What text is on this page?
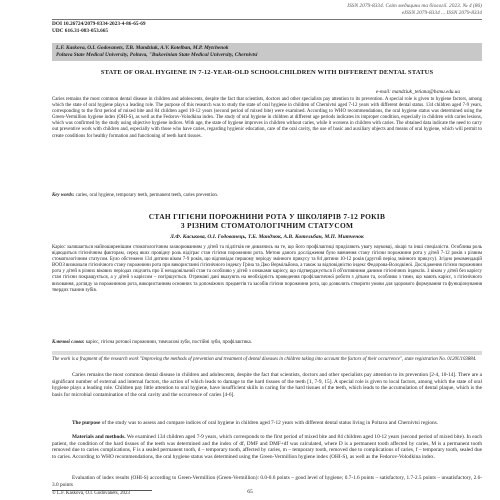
ISSN 2079-8334. Світ медицини та біології. 2023. № 4 (86)
eISSN 2079-8334 ... ISSN 2079-8334
DOI 10.26724/2079-8334-2023-4-86-65-69
UDC 616.31-083-053.665
L.F. Kaskova, O.I. Godovanets, T.B. Mandziuk, A.V. Kotelban, M.P. Mytchenok
Poltava State Medical University, Poltava, "Bukovinian State Medical University, Chernivtsi
STATE OF ORAL HYGIENE IN 7-12-YEAR-OLD SCHOOLCHILDREN WITH DIFFERENT DENTAL STATUS
e-mail: mandziuk_tetiana@bsmu.edu.ua
Caries remains the most common dental disease in children and adolescents, despite the fact that scientists, doctors and other specialists pay attention to its prevention. A special role is given to hygiene factors, among which the state of oral hygiene plays a leading role. The purpose of this research was to study the state of oral hygiene in children of Chernivtsi aged 7-12 years with different dental status. 134 children aged 7-9 years, corresponding to the first period of mixed bite and 84 children aged 10-12 years (second period of mixed bite) were examined. According to WHO recommendations, the oral hygiene status was determined using the Green-Vermillion hygiene index (OHI-S), as well as the Fedorov-Volodkina index. The study of oral hygiene in children at different age periods indicates its improper condition, especially in children with caries lesions, which was confirmed by the study using objective hygiene indices. With age, the state of hygiene improves in children without caries, while it worsens in children with caries. The obtained data indicate the need to carry out preventive work with children and, especially with those who have caries, regarding hygienic education, care of the oral cavity, the use of basic and auxiliary objects and means of oral hygiene, which will permit to create conditions for healthy formation and functioning of teeth hard tissues.
Key words: caries, oral hygiene, temporary teeth, permanent teeth, caries prevention.
СТАН ГІГІЄНИ ПОРОЖНИНИ РОТА У ШКОЛЯРІВ 7-12 РОКІВ
З РІЗНИМ СТОМАТОЛОГІЧНИМ СТАТУСОМ
Л.Ф. Каськова, О.І. Годованець, Т.Б. Мандзюк, А.В. Котельбан, М.П. Митченок
Карієс залишається найпоширенішим стоматологічним захворюванням у дітей та підлітків не дивлячись на те, що його профілактиці приділяють увагу науковці, лікарі та інші спеціалісти. Особлива роль відводиться гігієнічним факторам, серед яких провідну роль відіграє стан гігієни порожнини рота. Метою даного дослідження було вивчення стану гігієни порожнини рота у дітей 7-12 років з різним стоматологічним статусом. Було обстежено 134 дитини віком 7-9 років, що відповідає першому періоду змінного прикусу та 84 дитини 10-12 років (другий період змінного прикусу). Згідно рекомендацій ВООЗ визначали гігієнічного стану порожнини рота при використанні гігієнічного індексу Гріна та Джо Вермільйона, а також за відповідністю індекс Федорова-Володкіної. Дослідження гігієни порожнини рота у дітей в різних вікових періодах свідчить про її незадовільний стан та особливо у дітей з ознаками карієсу, що підтверджується й об'єктивними даними гігієнічних індексів. З віком у дітей без карієсу стан гігієни покращується, а у дітей з карієсом – погіршується. Отримані дані вказують на необхідність проведення профілактичної роботи з дітьми та, особливо з тими, що мають карієс, з гігієнічного виховання, догляду за порожниною рота, використанням основних та допоміжних предметів та засобів гігієни порожнини рота, що дозволить створити умови для здорового формування та функціонування твердих тканин зубів.
Ключові слова: карієс, гігієна ротової порожнини, тимчасові зуби, постійні зуби, профілактика.
The work is a fragment of the research work "Improving the methods of prevention and treatment of dental diseases in children taking into account the factors of their occurrence", state registration No. 0120U103884.
Caries remains the most common dental disease in children and adolescents, despite the fact that scientists, doctors and other specialists pay attention to its prevention [2-4, 10-14]. There are a significant number of external and internal factors, the action of which leads to damage to the hard tissues of the teeth [1, 7-9, 15]. A special role is given to local factors, among which the state of oral hygiene plays a leading role. Children pay little attention to oral hygiene, have insufficient skills in caring for the hard tissues of the teeth, which leads to the accumulation of dental plaque, which is the basis for microbial contamination of the oral cavity and the occurrence of caries [4-6].
The purpose of the study was to assess and compare indices of oral hygiene in children aged 7-12 years with different dental status living in Poltava and Chernivtsi regions.
Materials and methods. We examined 134 children aged 7-9 years, which corresponds to the first period of mixed bite and 84 children aged 10-12 years (second period of mixed bite). In each patient, the condition of the hard tissues of the teeth was determined and the index of df, DMF and DMF+df was calculated, where D is a permanent tooth affected by caries, M is a permanent tooth removed due to caries complications, F is a sealed permanent tooth, d – temporary tooth, affected by caries, m – temporary tooth, removed due to complications of caries, f – temporary tooth, sealed due to caries. According to WHO recommendations, the oral hygiene status was determined using the Green-Vermillion hygiene index (OHI-S), as well as the Fedorov-Volodkina index.
Evaluation of index results (OHI-S) according to Green-Vermillion (Green-Vermillion): 0.0-0.6 points – good level of hygiene; 0.7-1.6 points – satisfactory, 1.7-2.5 points – unsatisfactory, 2.6-3.0 points
© L.F. Kaskova, O.I. Godovanets, 2023	65
